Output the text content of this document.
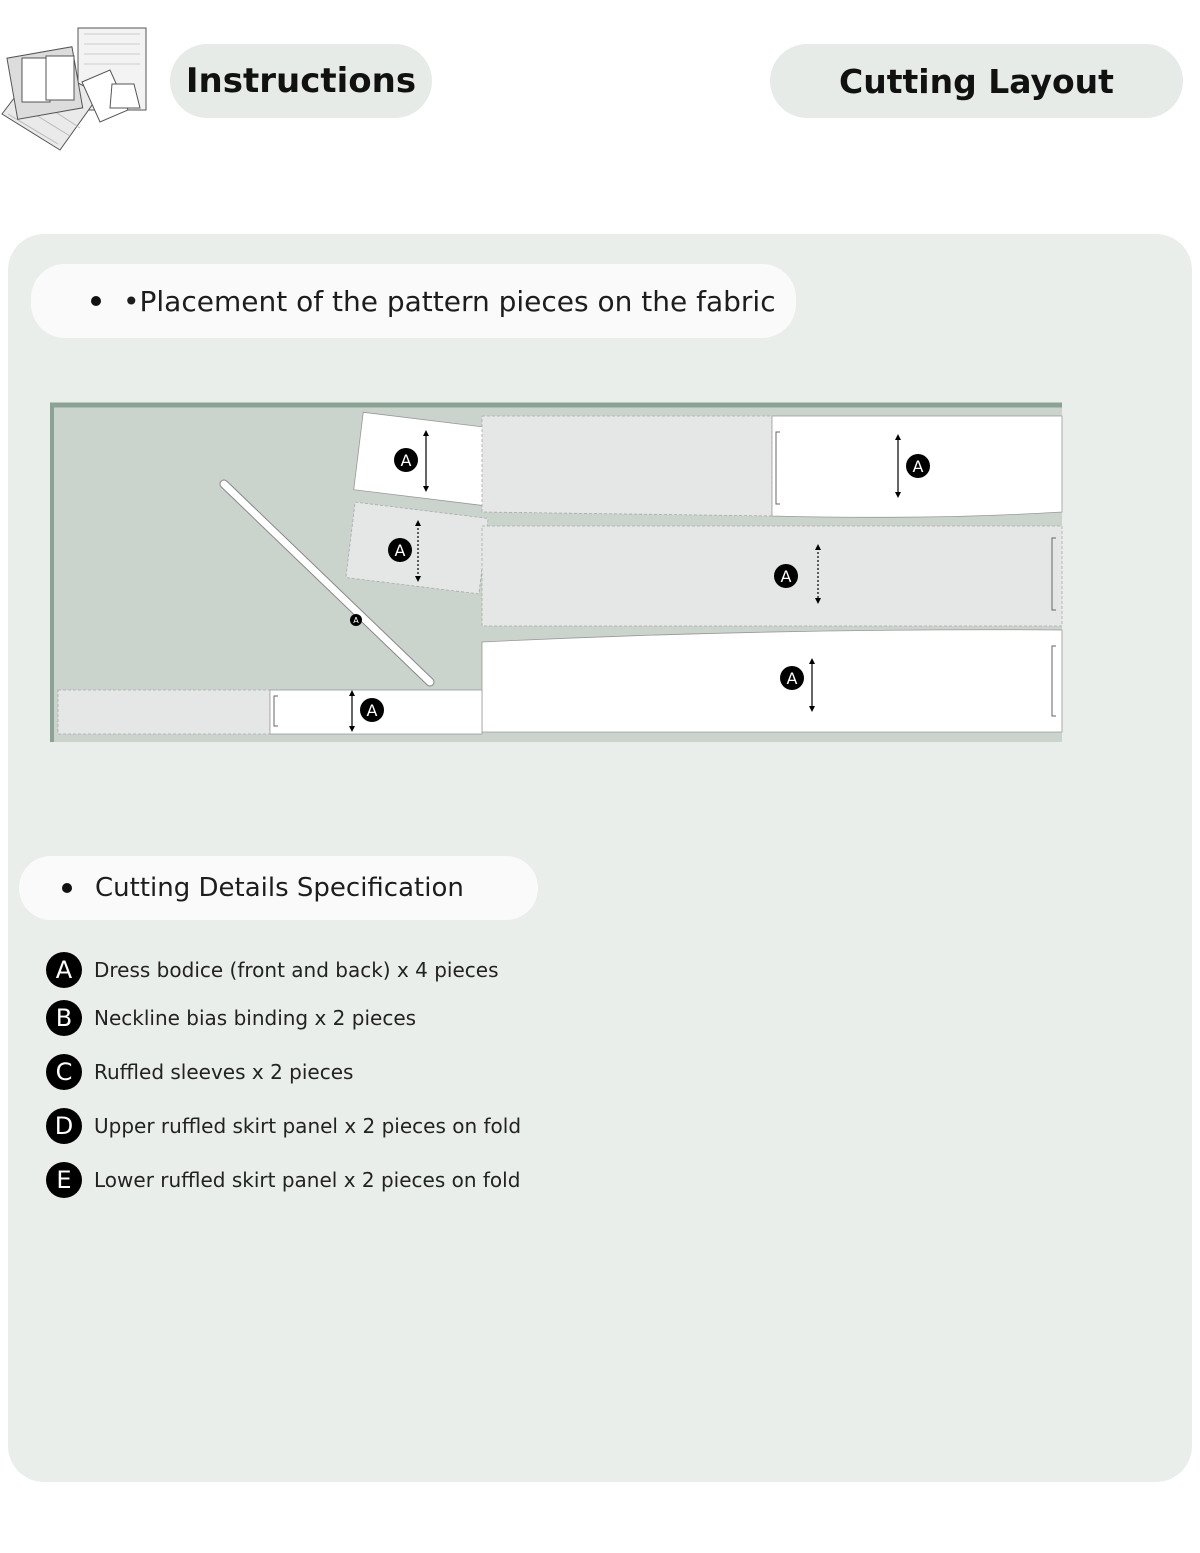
Instructions	Cutting Layout
•Placement of the pattern pieces on the fabric
A	A
A
A
A
A
A
Cutting Details Specification
A	Dress bodice (front and back) x 4 pieces
B	Neckline bias binding x 2 pieces
C	Ruffled sleeves x 2 pieces
D	Upper ruffled skirt panel x 2 pieces on fold
E	Lower ruffled skirt panel x 2 pieces on fold
